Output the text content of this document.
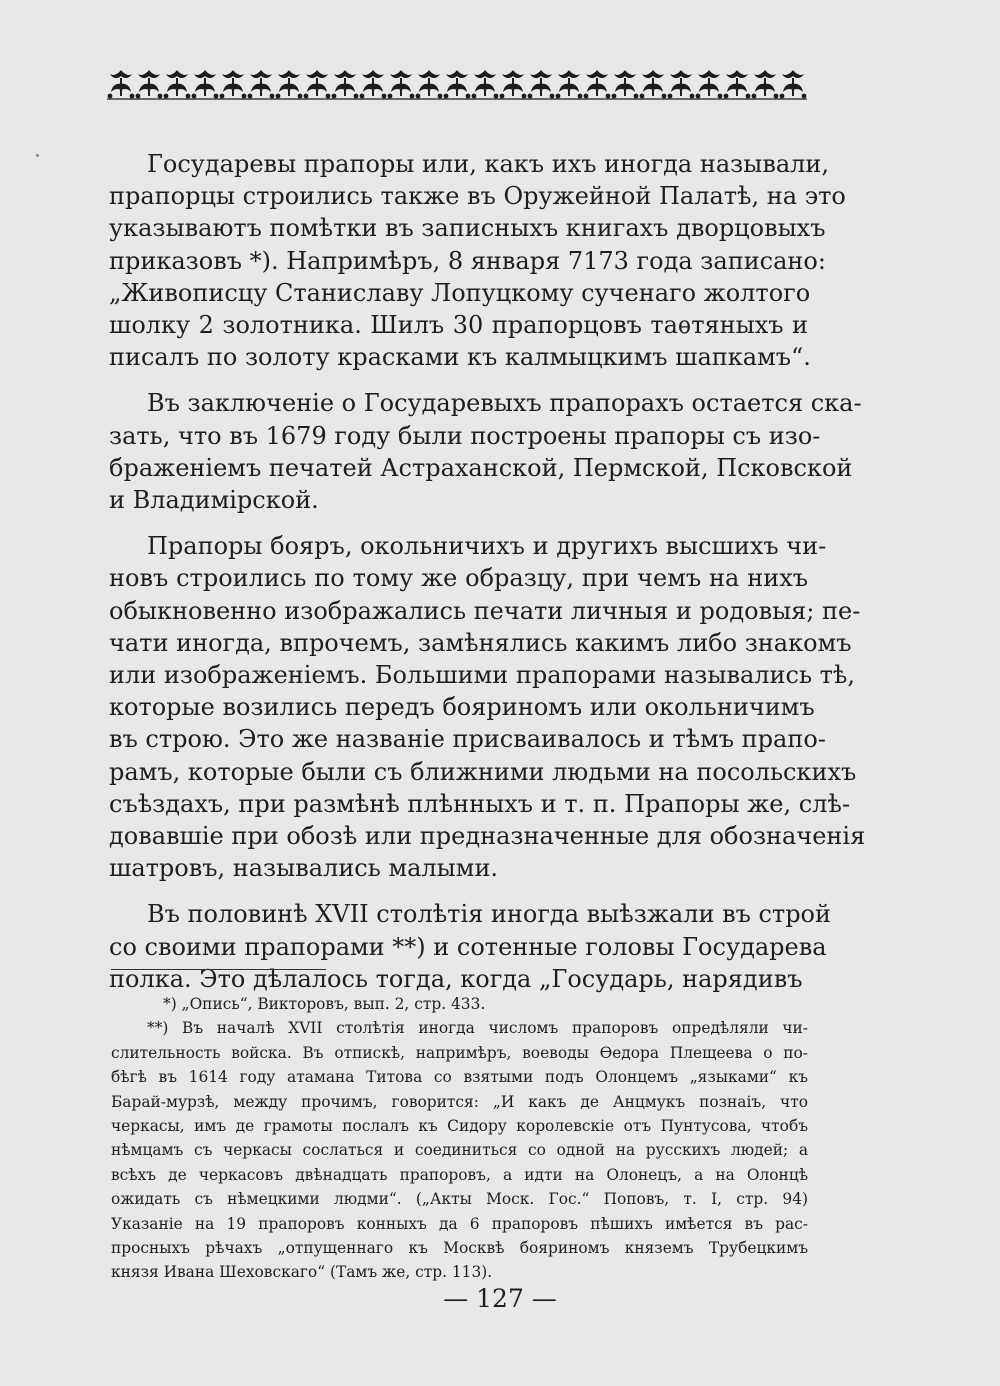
Государевы прапоры или, какъ ихъ иногда называли,
прапорцы строились также въ Оружейной Палатѣ, на это
указываютъ помѣтки въ записныхъ книгахъ дворцовыхъ
приказовъ *). Напримѣръ, 8 января 7173 года записано:
„Живописцу Станиславу Лопуцкому сученаго жолтого
шолку 2 золотника. Шилъ 30 прапорцовъ таѳтяныхъ и
писалъ по золоту красками къ калмыцкимъ шапкамъ“.

Въ заключенiе о Государевыхъ прапорахъ остается ска-
зать, что въ 1679 году были построены прапоры съ изо-
браженiемъ печатей Астраханской, Пермской, Псковской
и Владимiрской.

Прапоры бояръ, окольничихъ и другихъ высшихъ чи-
новъ строились по тому же образцу, при чемъ на нихъ
обыкновенно изображались печати личныя и родовыя; пе-
чати иногда, впрочемъ, замѣнялись какимъ либо знакомъ
или изображенiемъ. Большими прапорами назывались тѣ,
которые возились передъ бояриномъ или окольничимъ
въ строю. Это же названiе присваивалось и тѣмъ прапо-
рамъ, которые были съ ближними людьми на посольскихъ
съѣздахъ, при размѣнѣ плѣнныхъ и т. п. Прапоры же, слѣ-
довавшiе при обозѣ или предназначенные для обозначенiя
шатровъ, назывались малыми.

Въ половинѣ XVII столѣтiя иногда выѣзжали въ строй
со своими прапорами **) и сотенные головы Государева
полка. Это дѣлалось тогда, когда „Государь, нарядивъ

*) „Опись“, Викторовъ, вып. 2, стр. 433.
**) Въ началѣ XVII столѣтiя иногда числомъ прапоровъ опредѣляли чи-
слительность войска. Въ отпискѣ, напримѣръ, воеводы Ѳедора Плещеева о по-
бѣгѣ въ 1614 году атамана Титова со взятыми подъ Олонцемъ „языками“ къ
Барай-мурзѣ, между прочимъ, говорится: „И какъ де Анцмукъ познаіъ, что
черкасы, имъ де грамоты послалъ къ Сидору королевскiе отъ Пунтусова, чтобъ
нѣмцамъ съ черкасы сослаться и соединиться со одной на русскихъ людей; а
всѣхъ де черкасовъ двѣнадцать прапоровъ, а идти на Олонецъ, а на Олонцѣ
ожидать съ нѣмецкими людми“. („Акты Моск. Гос.“ Поповъ, т. I, стр. 94)
Указанiе на 19 прапоровъ конныхъ да 6 прапоровъ пѣшихъ имѣется въ рас-
просныхъ рѣчахъ „отпущеннаго къ Москвѣ бояриномъ княземъ Трубецкимъ
князя Ивана Шеховскаго“ (Тамъ же, стр. 113).
— 127 —
